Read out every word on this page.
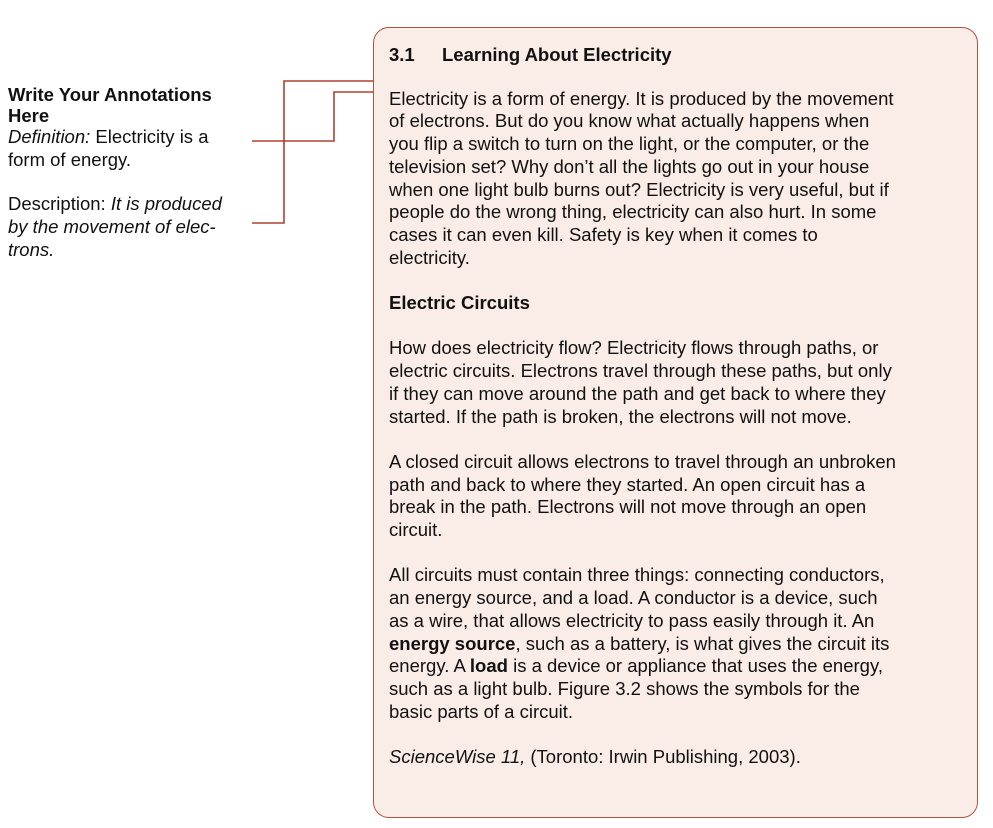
Write Your Annotations
Here

Definition: Electricity is a
form of energy.

Description: It is produced
by the movement of elec-
trons.

3.1 Learning About Electricity

Electricity is a form of energy. It is produced by the movement
of electrons. But do you know what actually happens when
you flip a switch to turn on the light, or the computer, or the
television set? Why don’t all the lights go out in your house
when one light bulb burns out? Electricity is very useful, but if
people do the wrong thing, electricity can also hurt. In some
cases it can even kill. Safety is key when it comes to
electricity.

Electric Circuits

How does electricity flow? Electricity flows through paths, or
electric circuits. Electrons travel through these paths, but only
if they can move around the path and get back to where they
started. If the path is broken, the electrons will not move.

A closed circuit allows electrons to travel through an unbroken
path and back to where they started. An open circuit has a
break in the path. Electrons will not move through an open
circuit.

All circuits must contain three things: connecting conductors,
an energy source, and a load. A conductor is a device, such
as a wire, that allows electricity to pass easily through it. An
energy source, such as a battery, is what gives the circuit its
energy. A load is a device or appliance that uses the energy,
such as a light bulb. Figure 3.2 shows the symbols for the
basic parts of a circuit.

ScienceWise 11, (Toronto: Irwin Publishing, 2003).
